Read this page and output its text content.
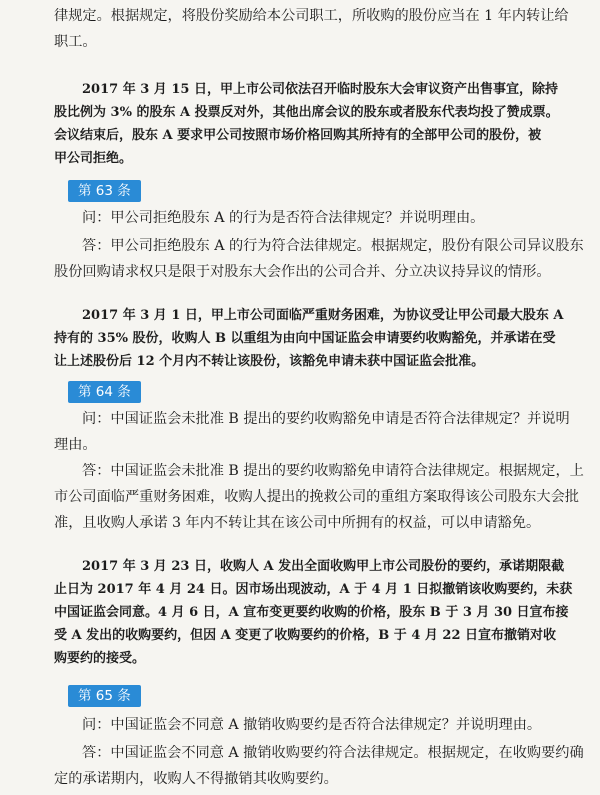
律规定。根据规定，将股份奖励给本公司职工，所收购的股份应当在 1 年内转让给

职工。

2017 年 3 月 15 日，甲上市公司依法召开临时股东大会审议资产出售事宜，除持

股比例为 3% 的股东 A 投票反对外，其他出席会议的股东或者股东代表均投了赞成票。

会议结束后，股东 A 要求甲公司按照市场价格回购其所持有的全部甲公司的股份，被

甲公司拒绝。

第 63 条

问：甲公司拒绝股东 A 的行为是否符合法律规定？并说明理由。

答：甲公司拒绝股东 A 的行为符合法律规定。根据规定，股份有限公司异议股东

股份回购请求权只是限于对股东大会作出的公司合并、分立决议持异议的情形。

2017 年 3 月 1 日，甲上市公司面临严重财务困难，为协议受让甲公司最大股东 A

持有的 35% 股份，收购人 B 以重组为由向中国证监会申请要约收购豁免，并承诺在受

让上述股份后 12 个月内不转让该股份，该豁免申请未获中国证监会批准。

第 64 条

问：中国证监会未批准 B 提出的要约收购豁免申请是否符合法律规定？并说明

理由。

答：中国证监会未批准 B 提出的要约收购豁免申请符合法律规定。根据规定，上

市公司面临严重财务困难，收购人提出的挽救公司的重组方案取得该公司股东大会批

准，且收购人承诺 3 年内不转让其在该公司中所拥有的权益，可以申请豁免。

2017 年 3 月 23 日，收购人 A 发出全面收购甲上市公司股份的要约，承诺期限截

止日为 2017 年 4 月 24 日。因市场出现波动，A 于 4 月 1 日拟撤销该收购要约，未获

中国证监会同意。4 月 6 日，A 宣布变更要约收购的价格，股东 B 于 3 月 30 日宣布接

受 A 发出的收购要约，但因 A 变更了收购要约的价格，B 于 4 月 22 日宣布撤销对收

购要约的接受。

第 65 条

问：中国证监会不同意 A 撤销收购要约是否符合法律规定？并说明理由。

答：中国证监会不同意 A 撤销收购要约符合法律规定。根据规定，在收购要约确

定的承诺期内，收购人不得撤销其收购要约。
